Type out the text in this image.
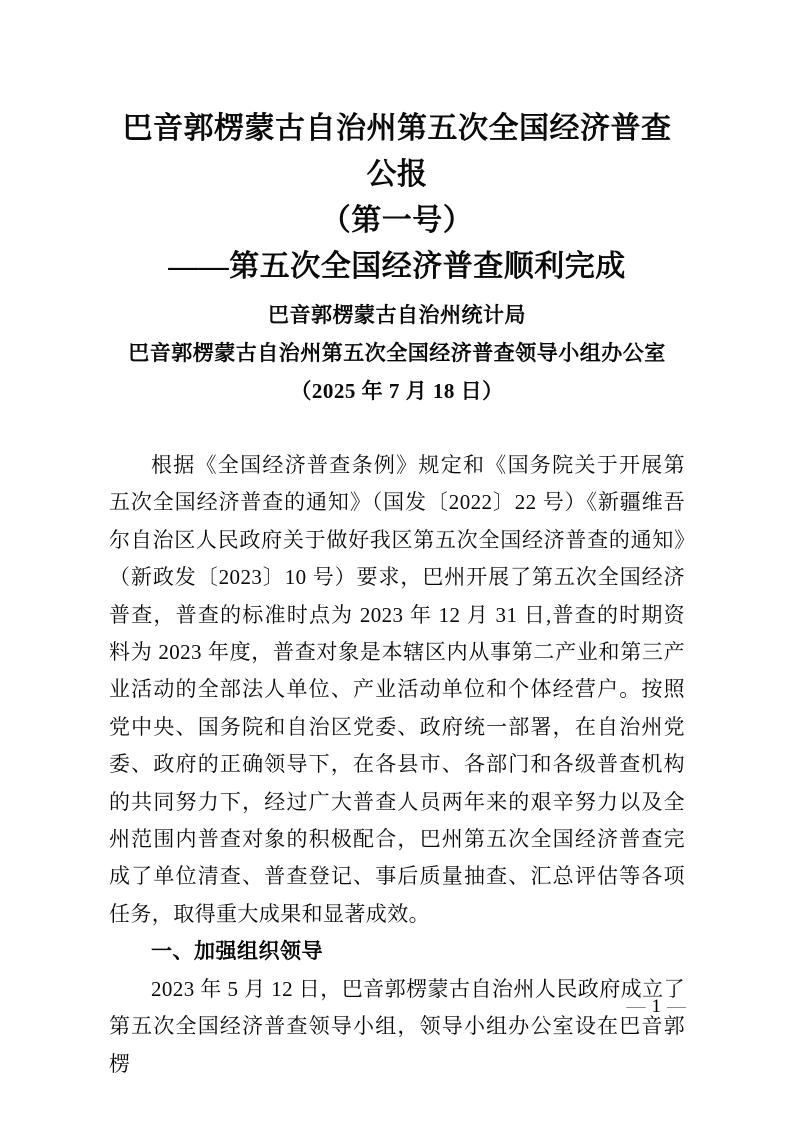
巴音郭楞蒙古自治州第五次全国经济普查公报
（第一号）
——第五次全国经济普查顺利完成
巴音郭楞蒙古自治州统计局
巴音郭楞蒙古自治州第五次全国经济普查领导小组办公室
（2025 年 7 月 18 日）

根据《全国经济普查条例》规定和《国务院关于开展第五次全国经济普查的通知》（国发〔2022〕22 号）《新疆维吾尔自治区人民政府关于做好我区第五次全国经济普查的通知》（新政发〔2023〕10 号）要求，巴州开展了第五次全国经济普查，普查的标准时点为 2023 年 12 月 31 日,普查的时期资料为 2023 年度，普查对象是本辖区内从事第二产业和第三产业活动的全部法人单位、产业活动单位和个体经营户。按照党中央、国务院和自治区党委、政府统一部署，在自治州党委、政府的正确领导下，在各县市、各部门和各级普查机构的共同努力下，经过广大普查人员两年来的艰辛努力以及全州范围内普查对象的积极配合，巴州第五次全国经济普查完成了单位清查、普查登记、事后质量抽查、汇总评估等各项任务，取得重大成果和显著成效。

一、加强组织领导

2023 年 5 月 12 日，巴音郭楞蒙古自治州人民政府成立了第五次全国经济普查领导小组，领导小组办公室设在巴音郭楞

— 1 —
